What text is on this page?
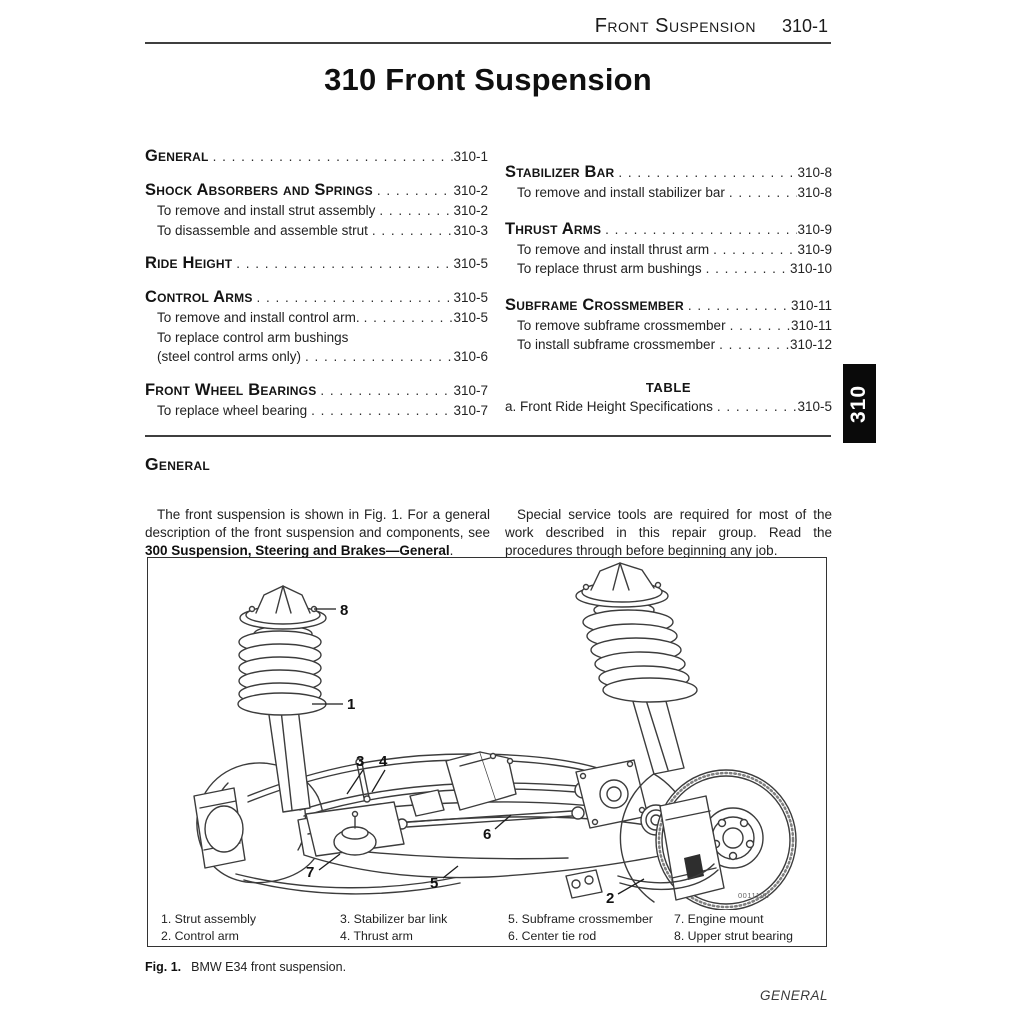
Front Suspension 310-1
310 Front Suspension
General . . .	310-1
Shock Absorbers and Springs . . .	310-2
To remove and install strut assembly . . .	310-2
To disassemble and assemble strut . . .	310-3
Ride Height . . .	310-5
Control Arms . . .	310-5
To remove and install control arm. . . .	310-5
To replace control arm bushings
(steel control arms only) . . .	310-6
Front Wheel Bearings . . .	310-7
To replace wheel bearing . . .	310-7
Stabilizer Bar . . .	310-8
To remove and install stabilizer bar . . .	310-8
Thrust Arms . . .	310-9
To remove and install thrust arm . . .	310-9
To replace thrust arm bushings . . .	310-10
Subframe Crossmember . . .	310-11
To remove subframe crossmember . . .	310-11
To install subframe crossmember . . .	310-12
TABLE
a. Front Ride Height Specifications . . .	310-5 310
General

The front suspension is shown in Fig. 1. For a general description of the front suspension and components, see 300 Suspension, Steering and Brakes—General.

Special service tools are required for most of the work described in this repair group. Read the procedures through before beginning any job.

8
1
3 4
6
7
5
2	0011190
1. Strut assembly
2. Control arm
3. Stabilizer bar link
4. Thrust arm
5. Subframe crossmember
6. Center tie rod
7. Engine mount
8. Upper strut bearing
Fig. 1. BMW E34 front suspension.
GENERAL
